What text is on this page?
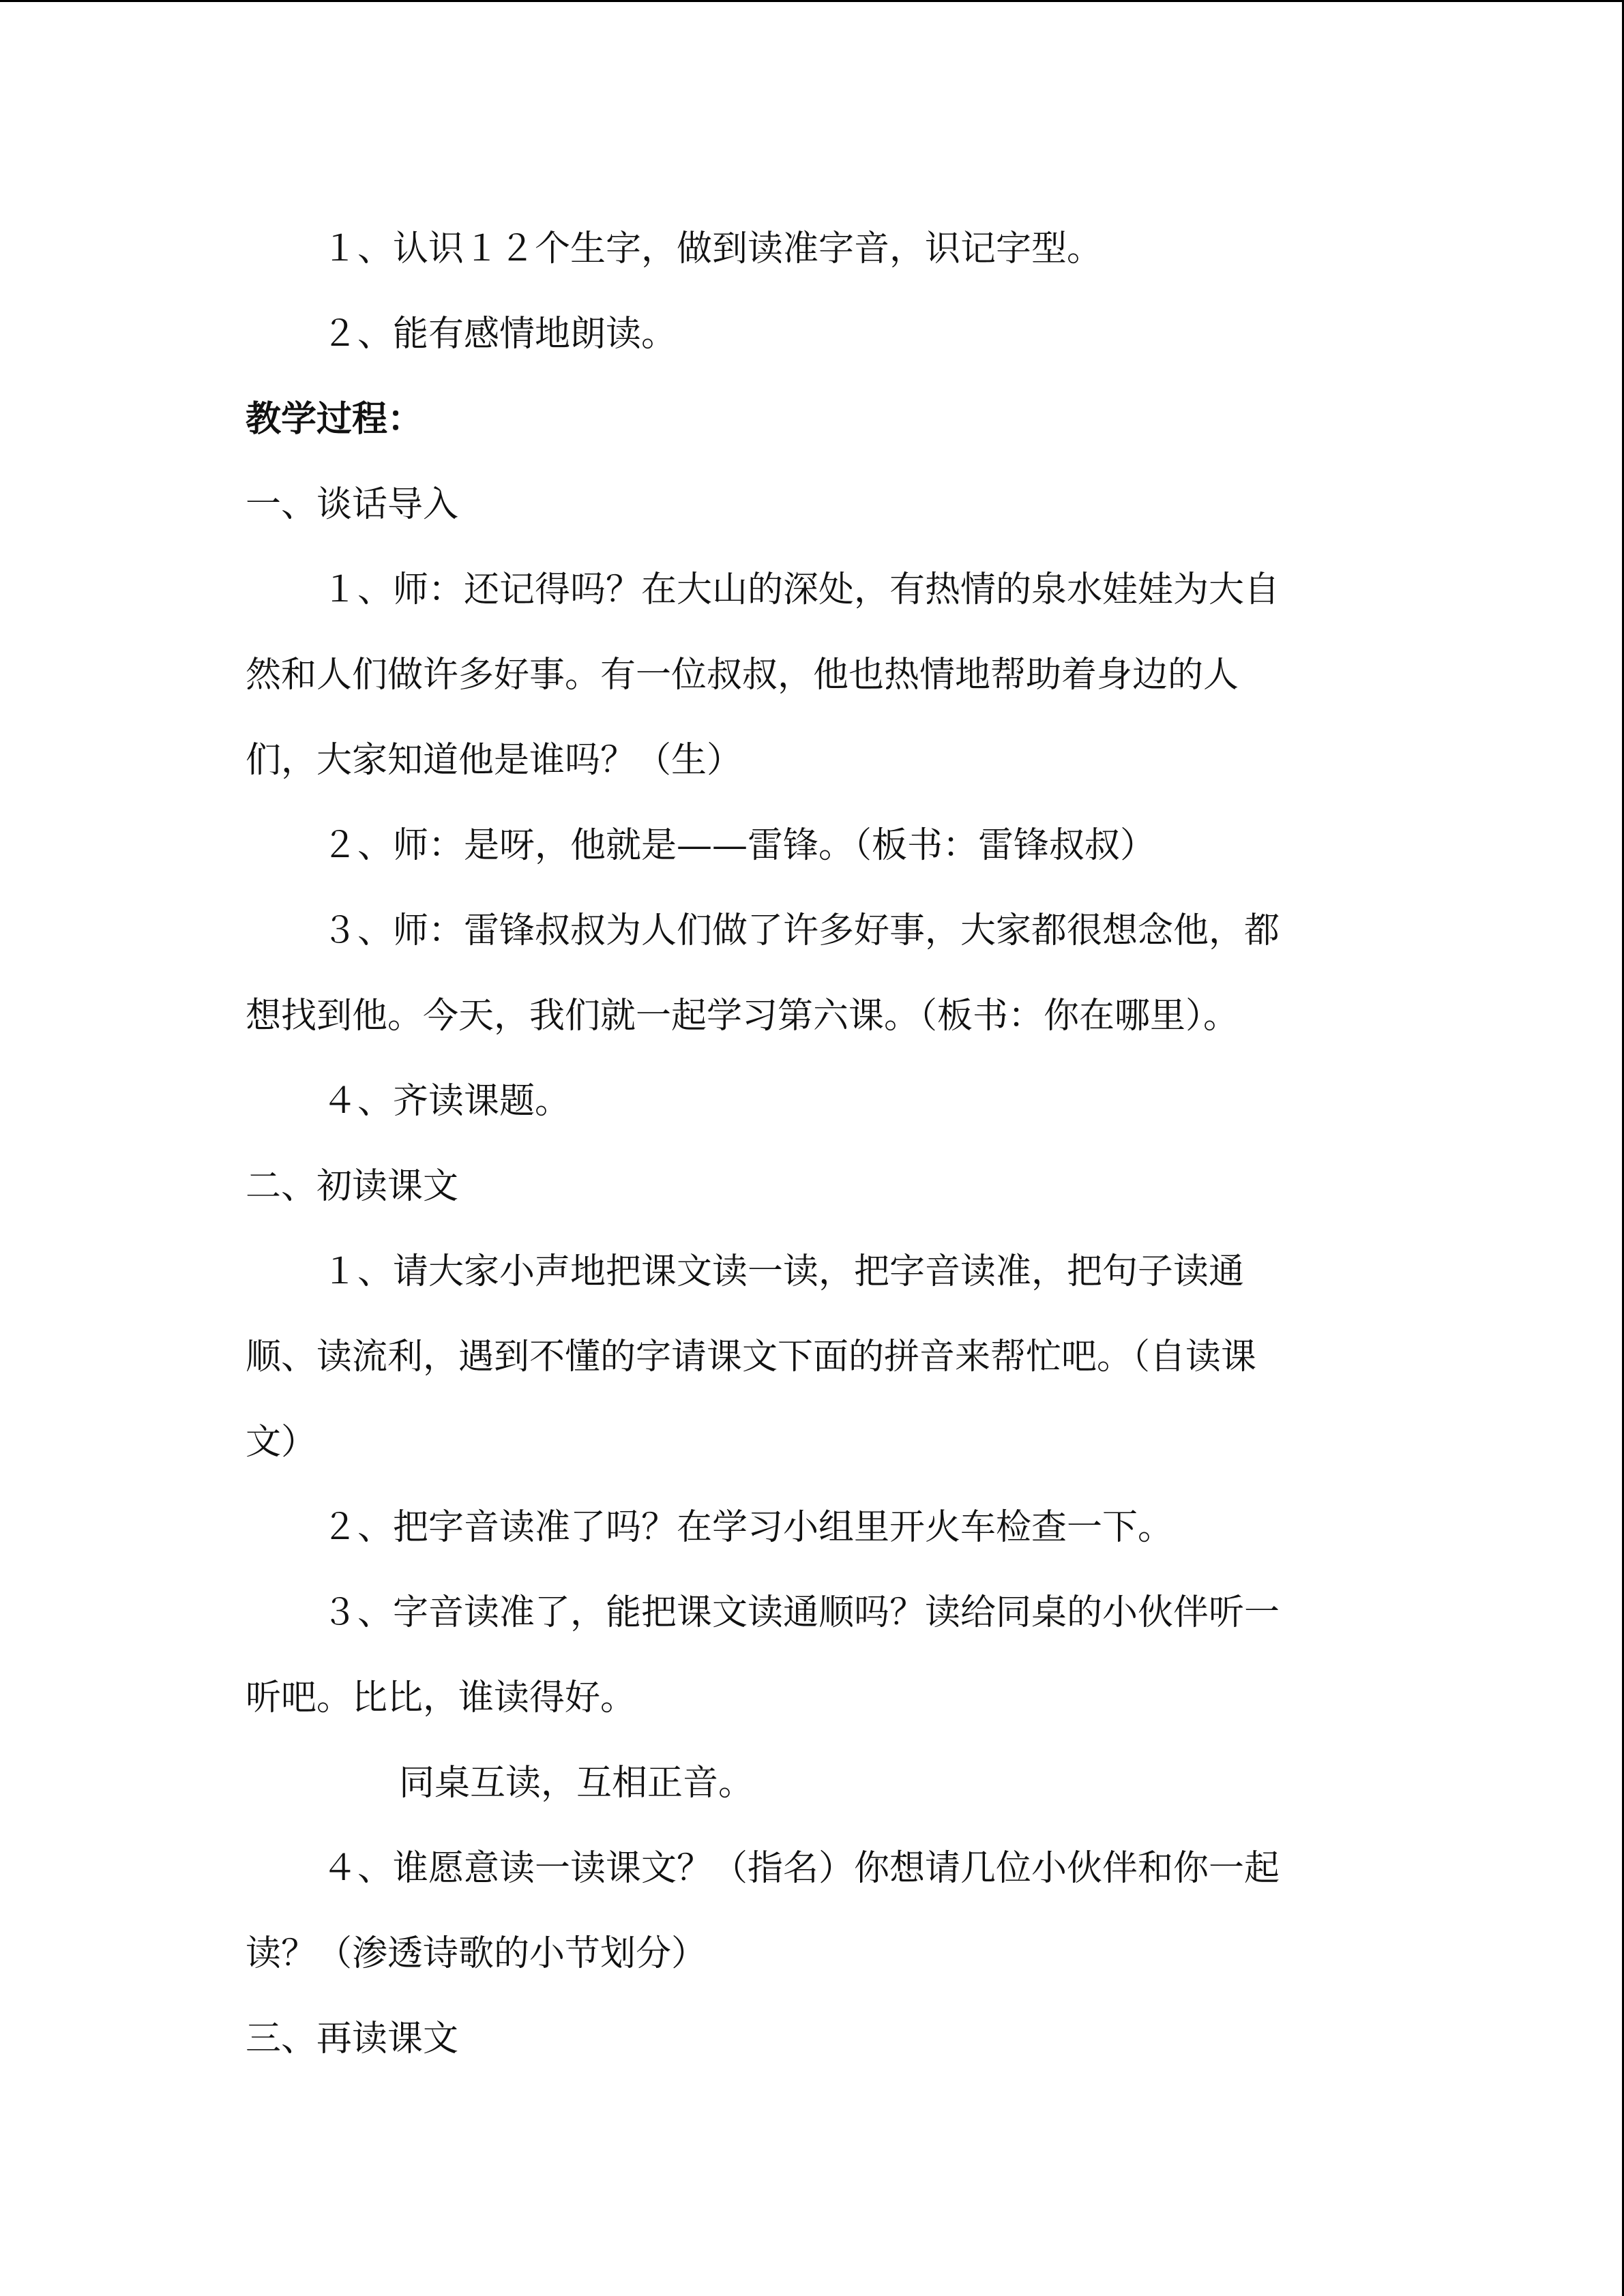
１、认识１２个生字，做到读准字音，识记字型。

２、能有感情地朗读。

教学过程：

一、谈话导入

１、师：还记得吗？在大山的深处，有热情的泉水娃娃为大自

然和人们做许多好事。有一位叔叔，他也热情地帮助着身边的人

们，大家知道他是谁吗？（生）

２、师：是呀，他就是——雷锋。（板书：雷锋叔叔）

３、师：雷锋叔叔为人们做了许多好事，大家都很想念他，都

想找到他。今天，我们就一起学习第六课。（板书：你在哪里）。

４、齐读课题。

二、初读课文

１、请大家小声地把课文读一读，把字音读准，把句子读通

顺、读流利，遇到不懂的字请课文下面的拼音来帮忙吧。（自读课

文）

２、把字音读准了吗？在学习小组里开火车检查一下。

３、字音读准了，能把课文读通顺吗？读给同桌的小伙伴听一

听吧。比比，谁读得好。

同桌互读，互相正音。

４、谁愿意读一读课文？（指名）你想请几位小伙伴和你一起

读？（渗透诗歌的小节划分）

三、再读课文
